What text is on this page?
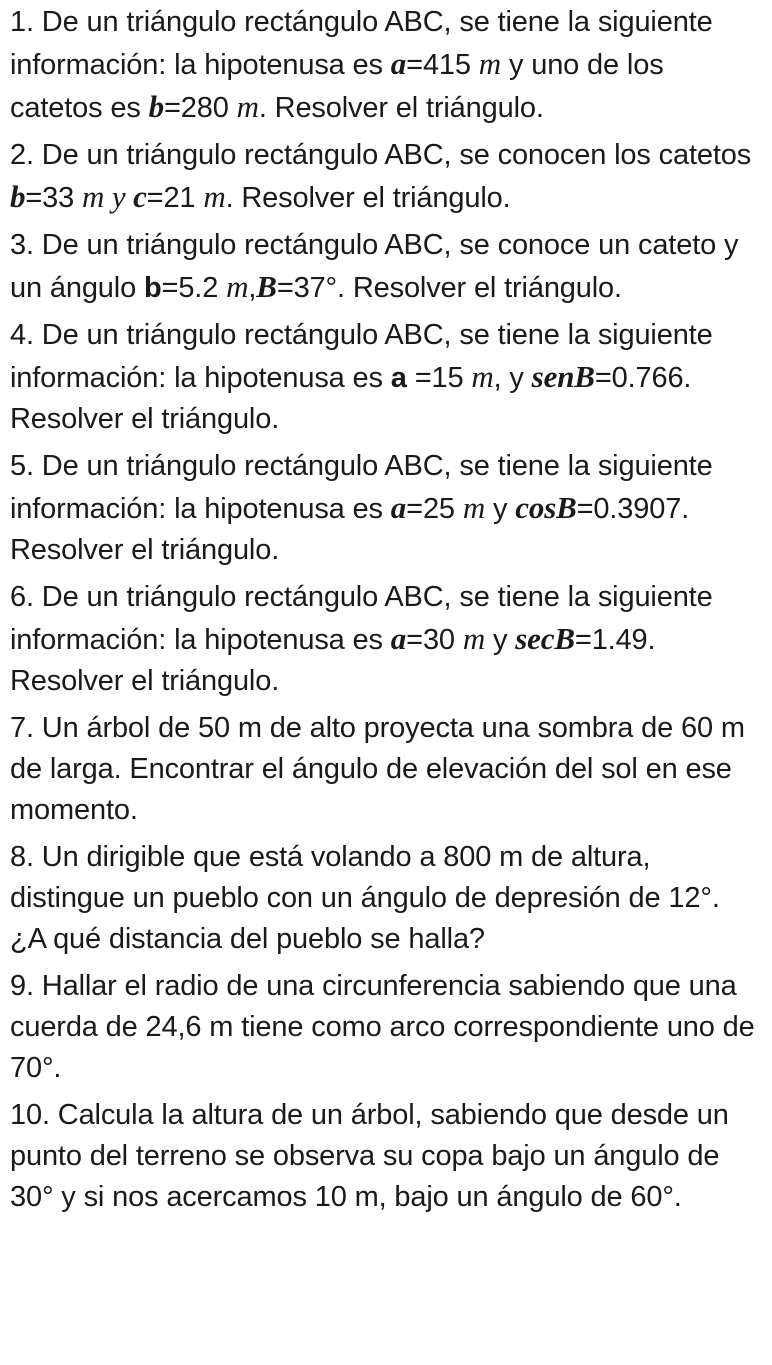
1. De un triángulo rectángulo ABC, se tiene la siguiente información: la hipotenusa es a=415 m y uno de los catetos es b=280 m. Resolver el triángulo.

2. De un triángulo rectángulo ABC, se conocen los catetos b=33 m y c=21 m. Resolver el triángulo.

3. De un triángulo rectángulo ABC, se conoce un cateto y un ángulo b=5.2 m,B=37°. Resolver el triángulo.

4. De un triángulo rectángulo ABC, se tiene la siguiente información: la hipotenusa es a =15 m, y senB=0.766. Resolver el triángulo.

5. De un triángulo rectángulo ABC, se tiene la siguiente información: la hipotenusa es a=25 m y cosB=0.3907. Resolver el triángulo.

6. De un triángulo rectángulo ABC, se tiene la siguiente información: la hipotenusa es a=30 m y secB=1.49. Resolver el triángulo.

7. Un árbol de 50 m de alto proyecta una sombra de 60 m de larga. Encontrar el ángulo de elevación del sol en ese momento.

8. Un dirigible que está volando a 800 m de altura, distingue un pueblo con un ángulo de depresión de 12°. ¿A qué distancia del pueblo se halla?

9. Hallar el radio de una circunferencia sabiendo que una cuerda de 24,6 m tiene como arco correspondiente uno de 70°.

10. Calcula la altura de un árbol, sabiendo que desde un punto del terreno se observa su copa bajo un ángulo de 30° y si nos acercamos 10 m, bajo un ángulo de 60°.
